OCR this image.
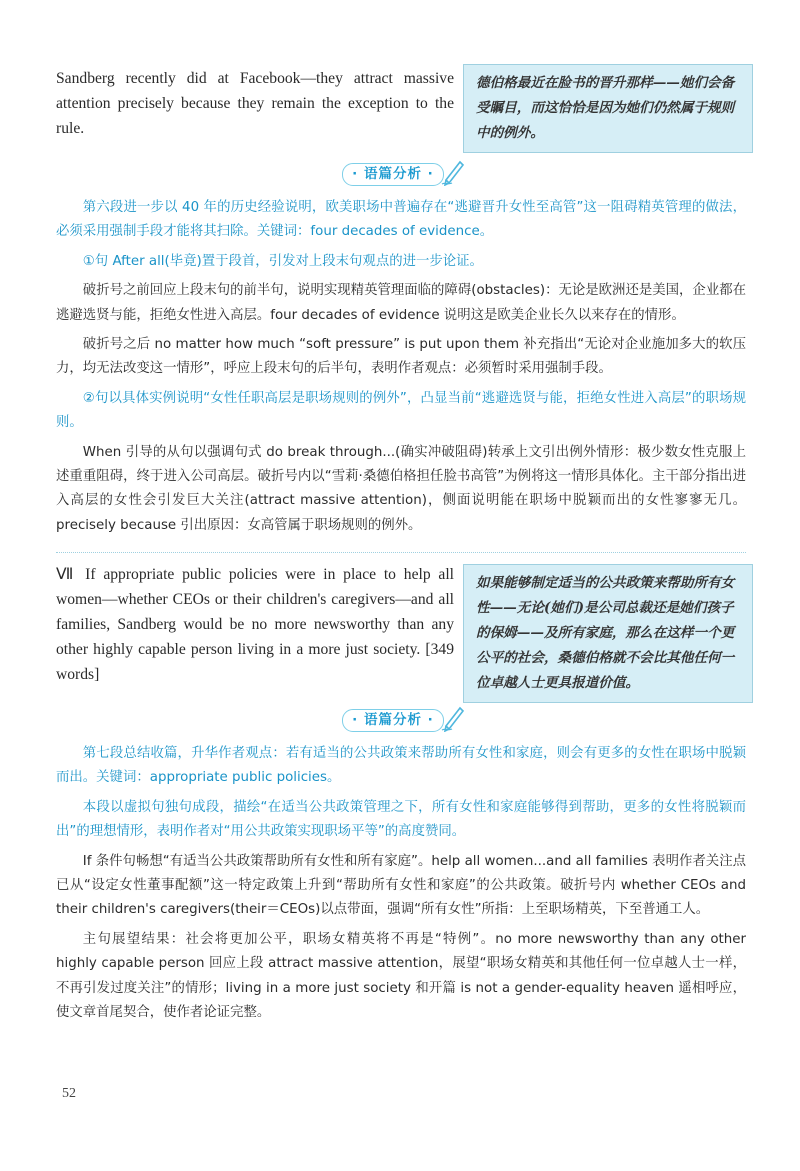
Sandberg recently did at Facebook—they attract massive attention precisely because they remain the exception to the rule.

德伯格最近在脸书的晋升那样——她们会备受瞩目，而这恰恰是因为她们仍然属于规则中的例外。

· 语篇分析 ·

第六段进一步以 40 年的历史经验说明，欧美职场中普遍存在“逃避晋升女性至高管”这一阻碍精英管理的做法，必须采用强制手段才能将其扫除。关键词：four decades of evidence。

①句 After all(毕竟)置于段首，引发对上段末句观点的进一步论证。

破折号之前回应上段末句的前半句，说明实现精英管理面临的障碍(obstacles)：无论是欧洲还是美国，企业都在逃避选贤与能，拒绝女性进入高层。four decades of evidence 说明这是欧美企业长久以来存在的情形。

破折号之后 no matter how much “soft pressure” is put upon them 补充指出“无论对企业施加多大的软压力，均无法改变这一情形”，呼应上段末句的后半句，表明作者观点：必须暂时采用强制手段。

②句以具体实例说明“女性任职高层是职场规则的例外”，凸显当前“逃避选贤与能，拒绝女性进入高层”的职场规则。

When 引导的从句以强调句式 do break through...(确实冲破阻碍)转承上文引出例外情形：极少数女性克服上述重重阻碍，终于进入公司高层。破折号内以“雪莉·桑德伯格担任脸书高管”为例将这一情形具体化。主干部分指出进入高层的女性会引发巨大关注(attract massive attention)，侧面说明能在职场中脱颖而出的女性寥寥无几。precisely because 引出原因：女高管属于职场规则的例外。

Ⅶ If appropriate public policies were in place to help all women—whether CEOs or their children's caregivers—and all families, Sandberg would be no more newsworthy than any other highly capable person living in a more just society. [349 words]

如果能够制定适当的公共政策来帮助所有女性——无论(她们)是公司总裁还是她们孩子的保姆——及所有家庭，那么在这样一个更公平的社会，桑德伯格就不会比其他任何一位卓越人士更具报道价值。

· 语篇分析 ·

第七段总结收篇，升华作者观点：若有适当的公共政策来帮助所有女性和家庭，则会有更多的女性在职场中脱颖而出。关键词：appropriate public policies。

本段以虚拟句独句成段，描绘“在适当公共政策管理之下，所有女性和家庭能够得到帮助，更多的女性将脱颖而出”的理想情形，表明作者对“用公共政策实现职场平等”的高度赞同。

If 条件句畅想“有适当公共政策帮助所有女性和所有家庭”。help all women...and all families 表明作者关注点已从“设定女性董事配额”这一特定政策上升到“帮助所有女性和家庭”的公共政策。破折号内 whether CEOs and their children's caregivers(their＝CEOs)以点带面，强调“所有女性”所指：上至职场精英，下至普通工人。

主句展望结果：社会将更加公平，职场女精英将不再是“特例”。no more newsworthy than any other highly capable person 回应上段 attract massive attention，展望“职场女精英和其他任何一位卓越人士一样，不再引发过度关注”的情形；living in a more just society 和开篇 is not a gender-equality heaven 遥相呼应，使文章首尾契合，使作者论证完整。

52
